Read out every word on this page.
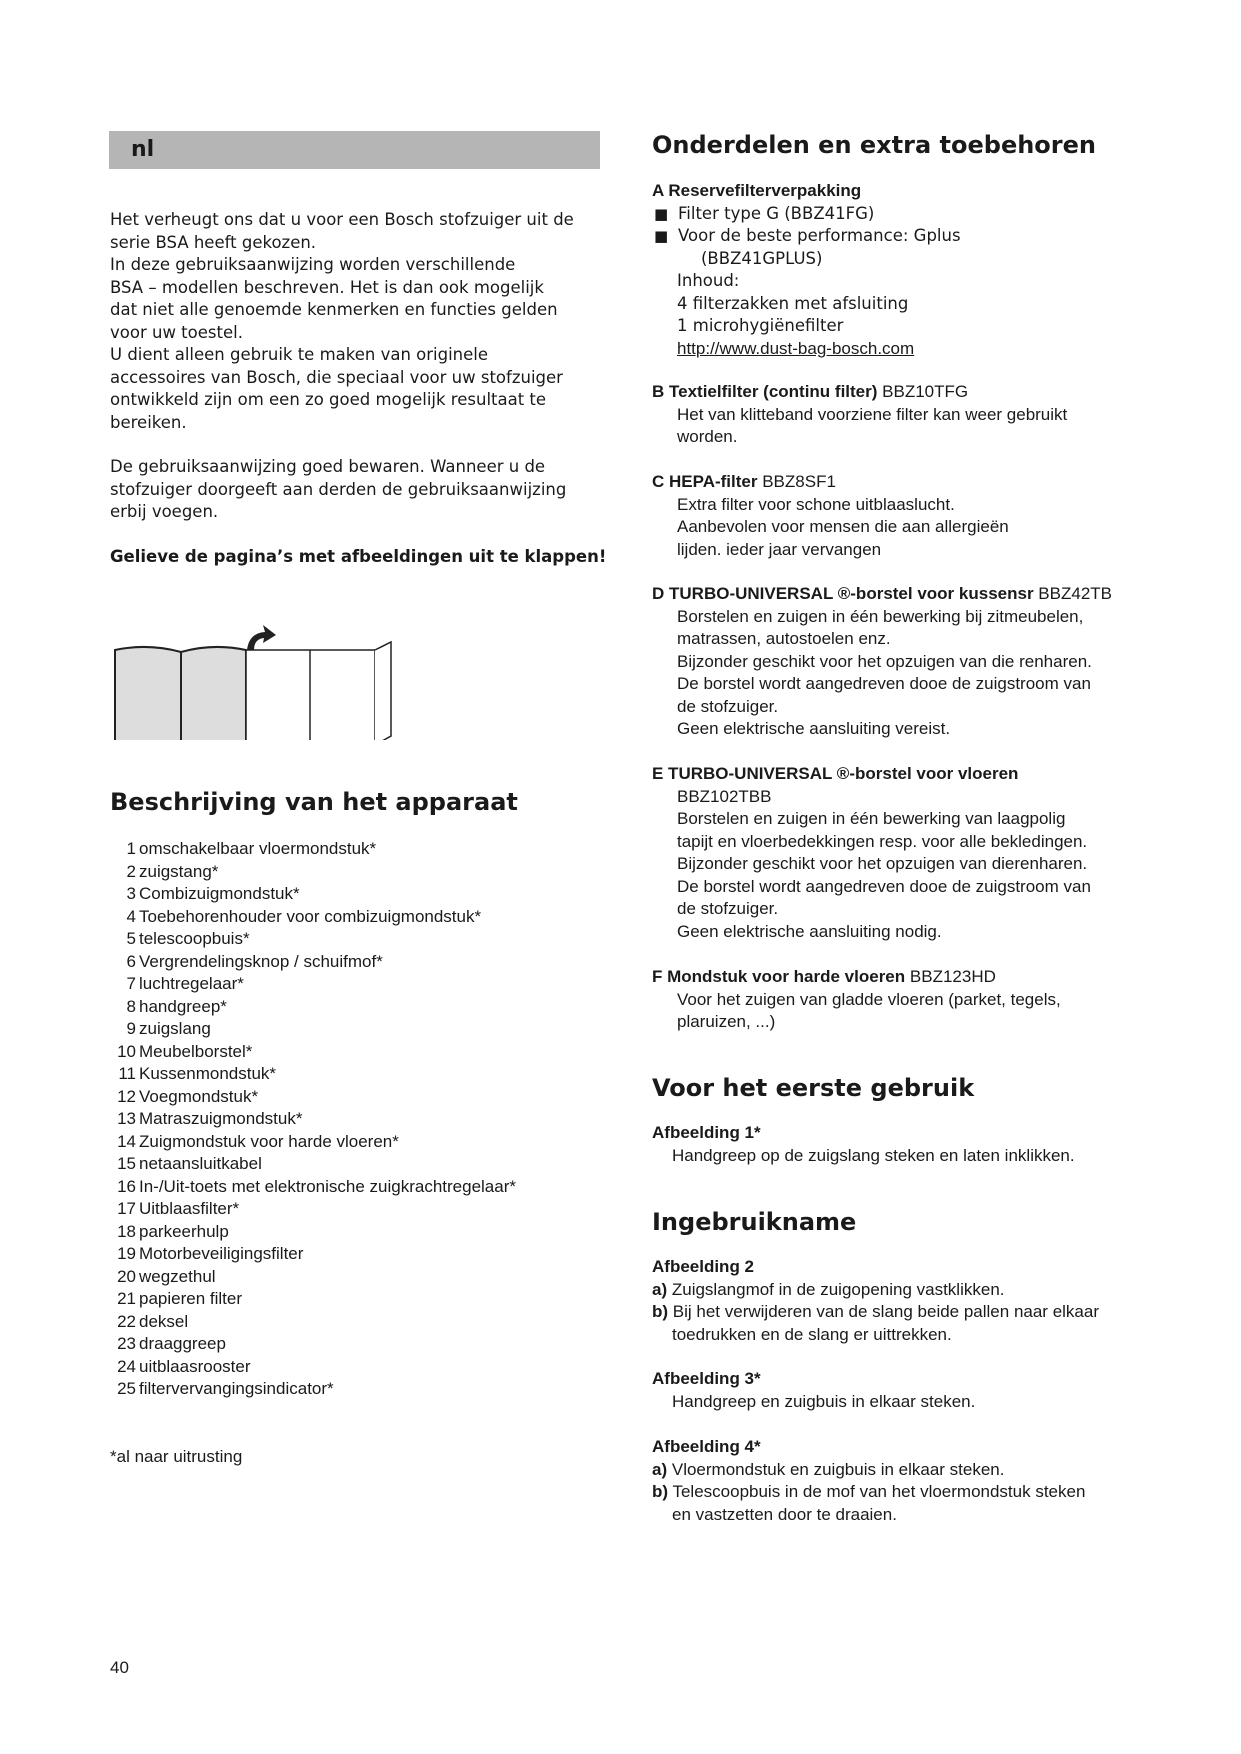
nl
Het verheugt ons dat u voor een Bosch stofzuiger uit de
serie BSA heeft gekozen.
In deze gebruiksaanwijzing worden verschillende
BSA – modellen beschreven. Het is dan ook mogelijk
dat niet alle genoemde kenmerken en functies gelden
voor uw toestel.
U dient alleen gebruik te maken van originele
accessoires van Bosch, die speciaal voor uw stofzuiger
ontwikkeld zijn om een zo goed mogelijk resultaat te
bereiken.
De gebruiksaanwijzing goed bewaren. Wanneer u de
stofzuiger doorgeeft aan derden de gebruiksaanwijzing
erbij voegen.
Gelieve de pagina’s met afbeeldingen uit te klappen!
Beschrijving van het apparaat
1 omschakelbaar vloermondstuk*
2 zuigstang*
3 Combizuigmondstuk*
4 Toebehorenhouder voor combizuigmondstuk*
5 telescoopbuis*
6 Vergrendelingsknop / schuifmof*
7 luchtregelaar*
8 handgreep*
9 zuigslang
10 Meubelborstel*
11 Kussenmondstuk*
12 Voegmondstuk*
13 Matraszuigmondstuk*
14 Zuigmondstuk voor harde vloeren*
15 netaansluitkabel
16 In-/Uit-toets met elektronische zuigkrachtregelaar*
17 Uitblaasfilter*
18 parkeerhulp
19 Motorbeveiligingsfilter
20 wegzethul
21 papieren filter
22 deksel
23 draaggreep
24 uitblaasrooster
25 filtervervangingsindicator*
*al naar uitrusting
40
Onderdelen en extra toebehoren
A Reservefilterverpakking
■ Filter type G (BBZ41FG)
■ Voor de beste performance: Gplus
(BBZ41GPLUS)
Inhoud:
4 filterzakken met afsluiting
1 microhygiënefilter
http://www.dust-bag-bosch.com
Voor het eerste gebruik
Afbeelding 1*
Handgreep op de zuigslang steken en laten inklikken.
Ingebruikname
Afbeelding 2
a) Zuigslangmof in de zuigopening vastklikken.
b) Bij het verwijderen van de slang beide pallen naar elkaar
toedrukken en de slang er uittrekken.
Afbeelding 3*
Handgreep en zuigbuis in elkaar steken.
Afbeelding 4*
a) Vloermondstuk en zuigbuis in elkaar steken.
b) Telescoopbuis in de mof van het vloermondstuk steken
en vastzetten door te draaien.
B Textielfilter (continu filter) BBZ10TFG
Het van klitteband voorziene filter kan weer gebruikt
worden.
C HEPA-filter BBZ8SF1
Extra filter voor schone uitblaaslucht.
Aanbevolen voor mensen die aan allergieën
lijden. ieder jaar vervangen
D TURBO-UNIVERSAL ®-borstel voor kussensr BBZ42TB
Borstelen en zuigen in één bewerking bij zitmeubelen,
matrassen, autostoelen enz.
Bijzonder geschikt voor het opzuigen van die renharen.
De borstel wordt aangedreven dooe de zuigstroom van
de stofzuiger.
Geen elektrische aansluiting vereist.
E TURBO-UNIVERSAL ®-borstel voor vloeren
BBZ102TBB
Borstelen en zuigen in één bewerking van laagpolig
tapijt en vloerbedekkingen resp. voor alle bekledingen.
Bijzonder geschikt voor het opzuigen van dierenharen.
De borstel wordt aangedreven dooe de zuigstroom van
de stofzuiger.
Geen elektrische aansluiting nodig.
F Mondstuk voor harde vloeren BBZ123HD
Voor het zuigen van gladde vloeren (parket, tegels,
plaruizen, ...)
